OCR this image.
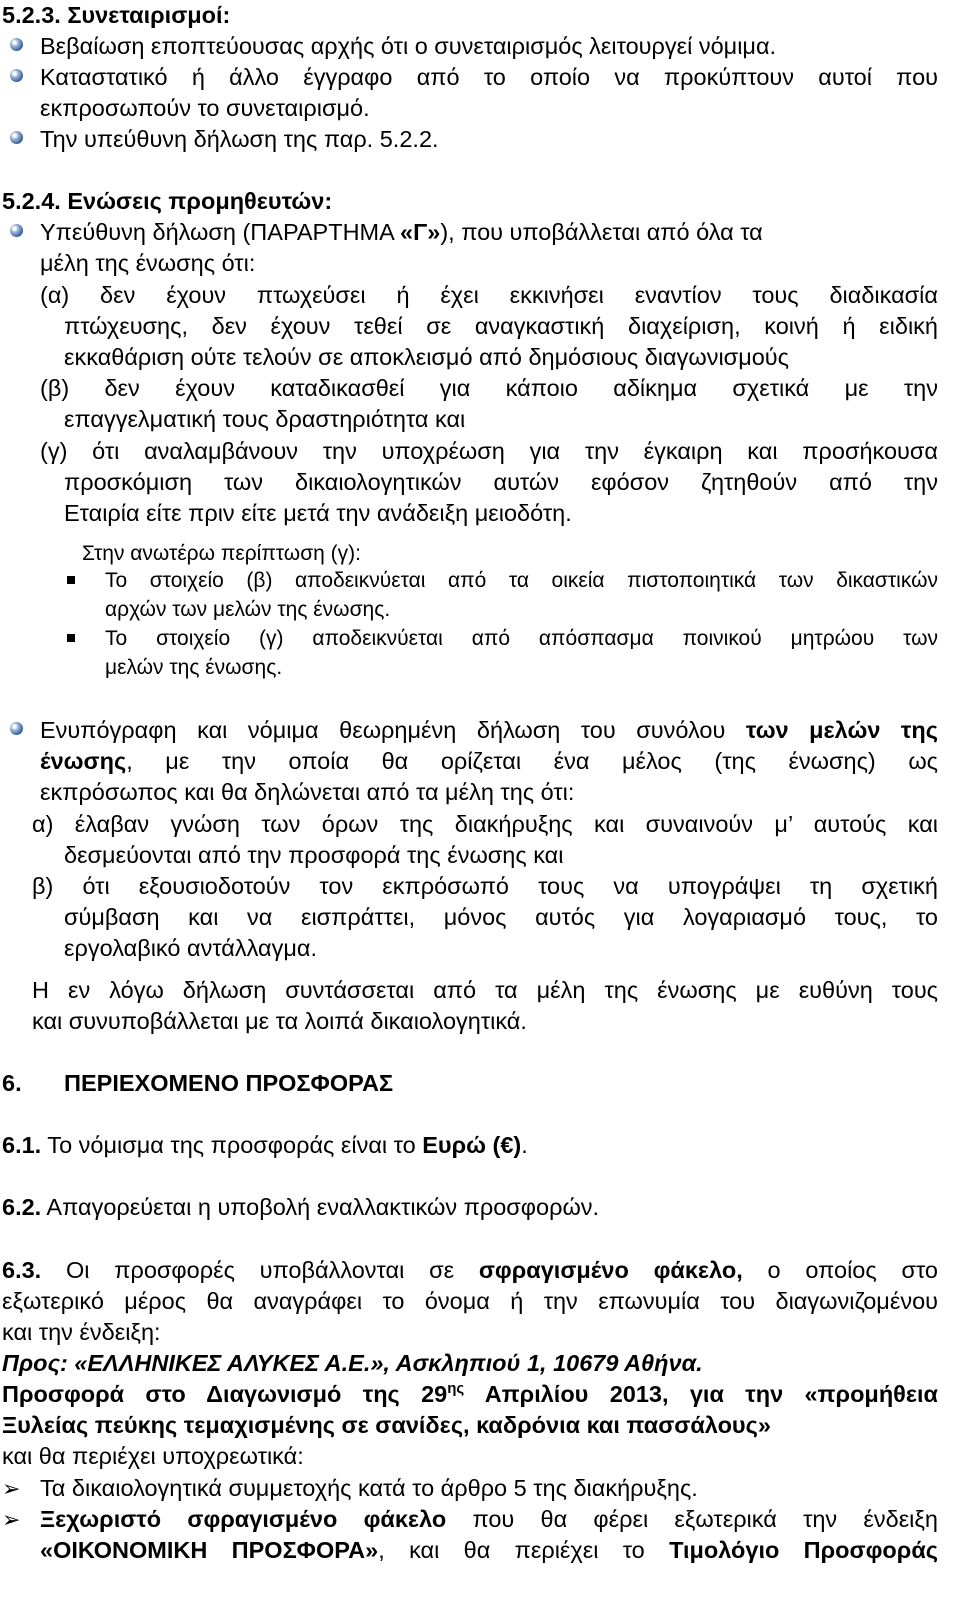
5.2.3. Συνεταιρισμοί:
Βεβαίωση εποπτεύουσας αρχής ότι ο συνεταιρισμός λειτουργεί νόμιμα.
Καταστατικό ή άλλο έγγραφο από το οποίο να προκύπτουν αυτοί που
εκπροσωπούν το συνεταιρισμό.
Την υπεύθυνη δήλωση της παρ. 5.2.2.
5.2.4. Ενώσεις προμηθευτών:
Υπεύθυνη δήλωση (ΠΑΡΑΡΤΗΜΑ «Γ»), που υποβάλλεται από όλα τα
μέλη της ένωσης ότι:
(α) δεν έχουν πτωχεύσει ή έχει εκκινήσει εναντίον τους διαδικασία
πτώχευσης, δεν έχουν τεθεί σε αναγκαστική διαχείριση, κοινή ή ειδική
εκκαθάριση ούτε τελούν σε αποκλεισμό από δημόσιους διαγωνισμούς
(β) δεν έχουν καταδικασθεί για κάποιο αδίκημα σχετικά με την
επαγγελματική τους δραστηριότητα και
(γ) ότι αναλαμβάνουν την υποχρέωση για την έγκαιρη και προσήκουσα
προσκόμιση των δικαιολογητικών αυτών εφόσον ζητηθούν από την
Εταιρία είτε πριν είτε μετά την ανάδειξη μειοδότη.
Στην ανωτέρω περίπτωση (γ):
Το στοιχείο (β) αποδεικνύεται από τα οικεία πιστοποιητικά των δικαστικών
αρχών των μελών της ένωσης.
Το στοιχείο (γ) αποδεικνύεται από απόσπασμα ποινικού μητρώου των
μελών της ένωσης.
Ενυπόγραφη και νόμιμα θεωρημένη δήλωση του συνόλου των μελών της
ένωσης, με την οποία θα ορίζεται ένα μέλος (της ένωσης) ως
εκπρόσωπος και θα δηλώνεται από τα μέλη της ότι:
α) έλαβαν γνώση των όρων της διακήρυξης και συναινούν μ’ αυτούς και
δεσμεύονται από την προσφορά της ένωσης και
β) ότι εξουσιοδοτούν τον εκπρόσωπό τους να υπογράψει τη σχετική
σύμβαση και να εισπράττει, μόνος αυτός για λογαριασμό τους, το
εργολαβικό αντάλλαγμα.
Η εν λόγω δήλωση συντάσσεται από τα μέλη της ένωσης με ευθύνη τους
και συνυποβάλλεται με τα λοιπά δικαιολογητικά.
6. ΠΕΡΙΕΧΟΜΕΝΟ ΠΡΟΣΦΟΡΑΣ
6.1. Το νόμισμα της προσφοράς είναι το Ευρώ (€).
6.2. Απαγορεύεται η υποβολή εναλλακτικών προσφορών.
6.3. Οι προσφορές υποβάλλονται σε σφραγισμένο φάκελο, ο οποίος στο
εξωτερικό μέρος θα αναγράφει το όνομα ή την επωνυμία του διαγωνιζομένου
και την ένδειξη:
Προς: «ΕΛΛΗΝΙΚΕΣ ΑΛΥΚΕΣ Α.Ε.», Ασκληπιού 1, 10679 Αθήνα.
Προσφορά στο Διαγωνισμό της $29^{\eta\varsigma}$ Απριλίου 2013, για την «προμήθεια
Ξυλείας πεύκης τεμαχισμένης σε σανίδες, καδρόνια και πασσάλους»
και θα περιέχει υποχρεωτικά:
➢ Τα δικαιολογητικά συμμετοχής κατά το άρθρο 5 της διακήρυξης.
➢ Ξεχωριστό σφραγισμένο φάκελο που θα φέρει εξωτερικά την ένδειξη
«ΟΙΚΟΝΟΜΙΚΗ ΠΡΟΣΦΟΡΑ», και θα περιέχει το Τιμολόγιο Προσφοράς
